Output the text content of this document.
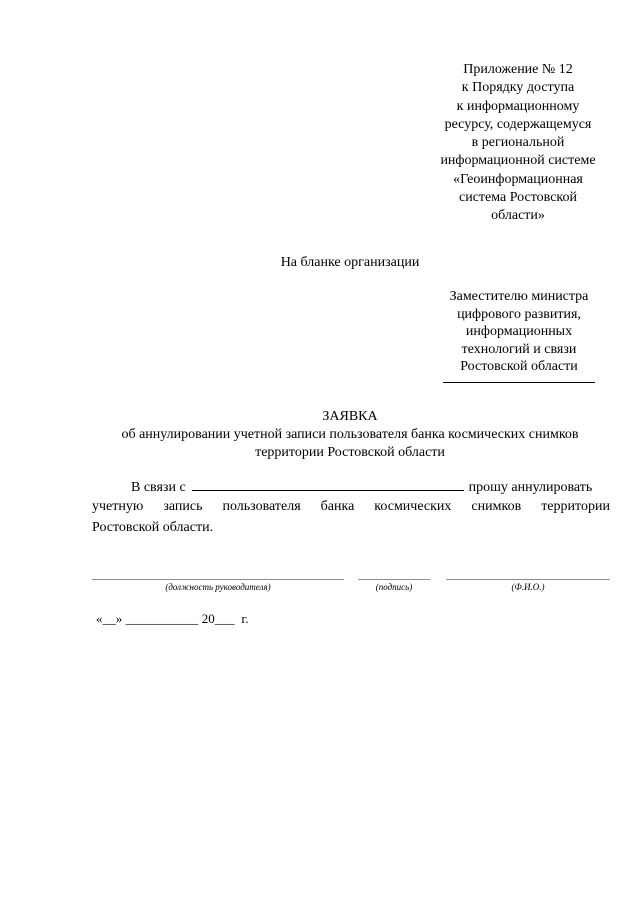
Приложение № 12
к Порядку доступа
к информационному
ресурсу, содержащемуся
в региональной
информационной системе
«Геоинформационная
система Ростовской
области»
На бланке организации
Заместителю министра
цифрового развития,
информационных
технологий и связи
Ростовской области
ЗАЯВКА
об аннулировании учетной записи пользователя банка космических снимков
территории Ростовской области
В связи с	прошу аннулировать
учетную запись пользователя банка космических снимков территории
Ростовской области.
(должность руководителя)	(подпись)	(Ф.И.О.)
«__» ___________ 20___  г.
